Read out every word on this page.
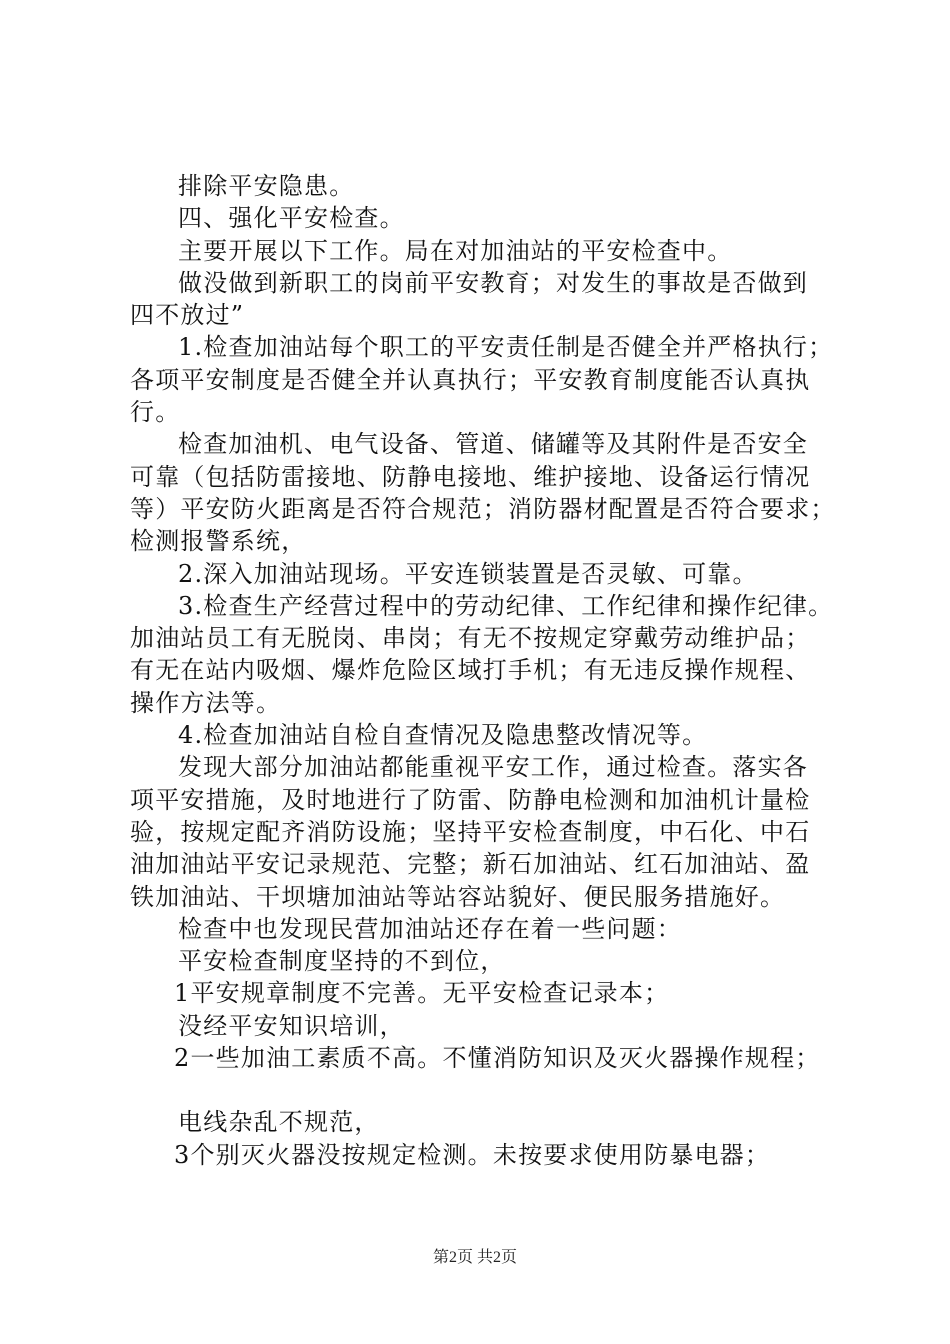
排除平安隐患。

四、强化平安检查。

主要开展以下工作。局在对加油站的平安检查中。

做没做到新职工的岗前平安教育；对发生的事故是否做到

四不放过”

1.检查加油站每个职工的平安责任制是否健全并严格执行；

各项平安制度是否健全并认真执行；平安教育制度能否认真执

行。

检查加油机、电气设备、管道、储罐等及其附件是否安全

可靠（包括防雷接地、防静电接地、维护接地、设备运行情况

等）平安防火距离是否符合规范；消防器材配置是否符合要求；

检测报警系统，

2.深入加油站现场。平安连锁装置是否灵敏、可靠。

3.检查生产经营过程中的劳动纪律、工作纪律和操作纪律。

加油站员工有无脱岗、串岗；有无不按规定穿戴劳动维护品；

有无在站内吸烟、爆炸危险区域打手机；有无违反操作规程、

操作方法等。

4.检查加油站自检自查情况及隐患整改情况等。

发现大部分加油站都能重视平安工作，通过检查。落实各

项平安措施，及时地进行了防雷、防静电检测和加油机计量检

验，按规定配齐消防设施；坚持平安检查制度，中石化、中石

油加油站平安记录规范、完整；新石加油站、红石加油站、盈

铁加油站、干坝塘加油站等站容站貌好、便民服务措施好。

检查中也发现民营加油站还存在着一些问题：

平安检查制度坚持的不到位，

1平安规章制度不完善。无平安检查记录本；

没经平安知识培训，

2一些加油工素质不高。不懂消防知识及灭火器操作规程；

电线杂乱不规范，

3个别灭火器没按规定检测。未按要求使用防暴电器；

第2页 共2页
